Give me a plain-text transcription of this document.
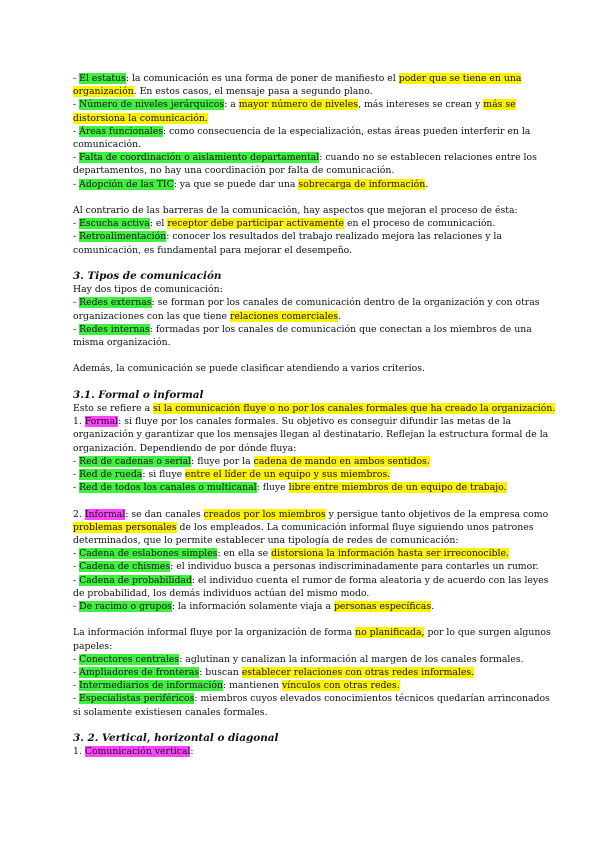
- El estatus: la comunicación es una forma de poner de manifiesto el poder que se tiene en una
organización. En estos casos, el mensaje pasa a segundo plano.
- Número de niveles jerárquicos: a mayor número de niveles, más intereses se crean y más se
distorsiona la comunicación.
- Áreas funcionales: como consecuencia de la especialización, estas áreas pueden interferir en la
comunicación.
- Falta de coordinación o aislamiento departamental: cuando no se establecen relaciones entre los
departamentos, no hay una coordinación por falta de comunicación.
- Adopción de las TIC: ya que se puede dar una sobrecarga de información.
Al contrario de las barreras de la comunicación, hay aspectos que mejoran el proceso de ésta:
- Escucha activa: el receptor debe participar activamente en el proceso de comunicación.
- Retroalimentación: conocer los resultados del trabajo realizado mejora las relaciones y la
comunicación, es fundamental para mejorar el desempeño.
3. Tipos de comunicación
Hay dos tipos de comunicación:
- Redes externas: se forman por los canales de comunicación dentro de la organización y con otras
organizaciones con las que tiene relaciones comerciales.
- Redes internas: formadas por los canales de comunicación que conectan a los miembros de una
misma organización.
Además, la comunicación se puede clasificar atendiendo a varios criterios.
3.1. Formal o informal
Esto se refiere a si la comunicación fluye o no por los canales formales que ha creado la organización.
1. Formal: si fluye por los canales formales. Su objetivo es conseguir difundir las metas de la
organización y garantizar que los mensajes llegan al destinatario. Reflejan la estructura formal de la
organización. Dependiendo de por dónde fluya:
- Red de cadenas o serial: fluye por la cadena de mando en ambos sentidos.
- Red de rueda: si fluye entre el líder de un equipo y sus miembros.
- Red de todos los canales o multicanal: fluye libre entre miembros de un equipo de trabajo.
2. Informal: se dan canales creados por los miembros y persigue tanto objetivos de la empresa como
problemas personales de los empleados. La comunicación informal fluye siguiendo unos patrones
determinados, que lo permite establecer una tipología de redes de comunicación:
- Cadena de eslabones simples: en ella se distorsiona la información hasta ser irreconocible.
- Cadena de chismes: el individuo busca a personas indiscriminadamente para contarles un rumor.
- Cadena de probabilidad: el individuo cuenta el rumor de forma aleatoria y de acuerdo con las leyes
de probabilidad, los demás individuos actúan del mismo modo.
- De racimo o grupos: la información solamente viaja a personas específicas.
La información informal fluye por la organización de forma no planificada, por lo que surgen algunos
papeles:
- Conectores centrales: aglutinan y canalizan la información al margen de los canales formales.
- Ampliadores de fronteras: buscan establecer relaciones con otras redes informales.
- Intermediarios de información: mantienen vínculos con otras redes.
- Especialistas periféricos: miembros cuyos elevados conocimientos técnicos quedarían arrinconados
si solamente existiesen canales formales.
3. 2. Vertical, horizontal o diagonal
1. Comunicación vertical:
